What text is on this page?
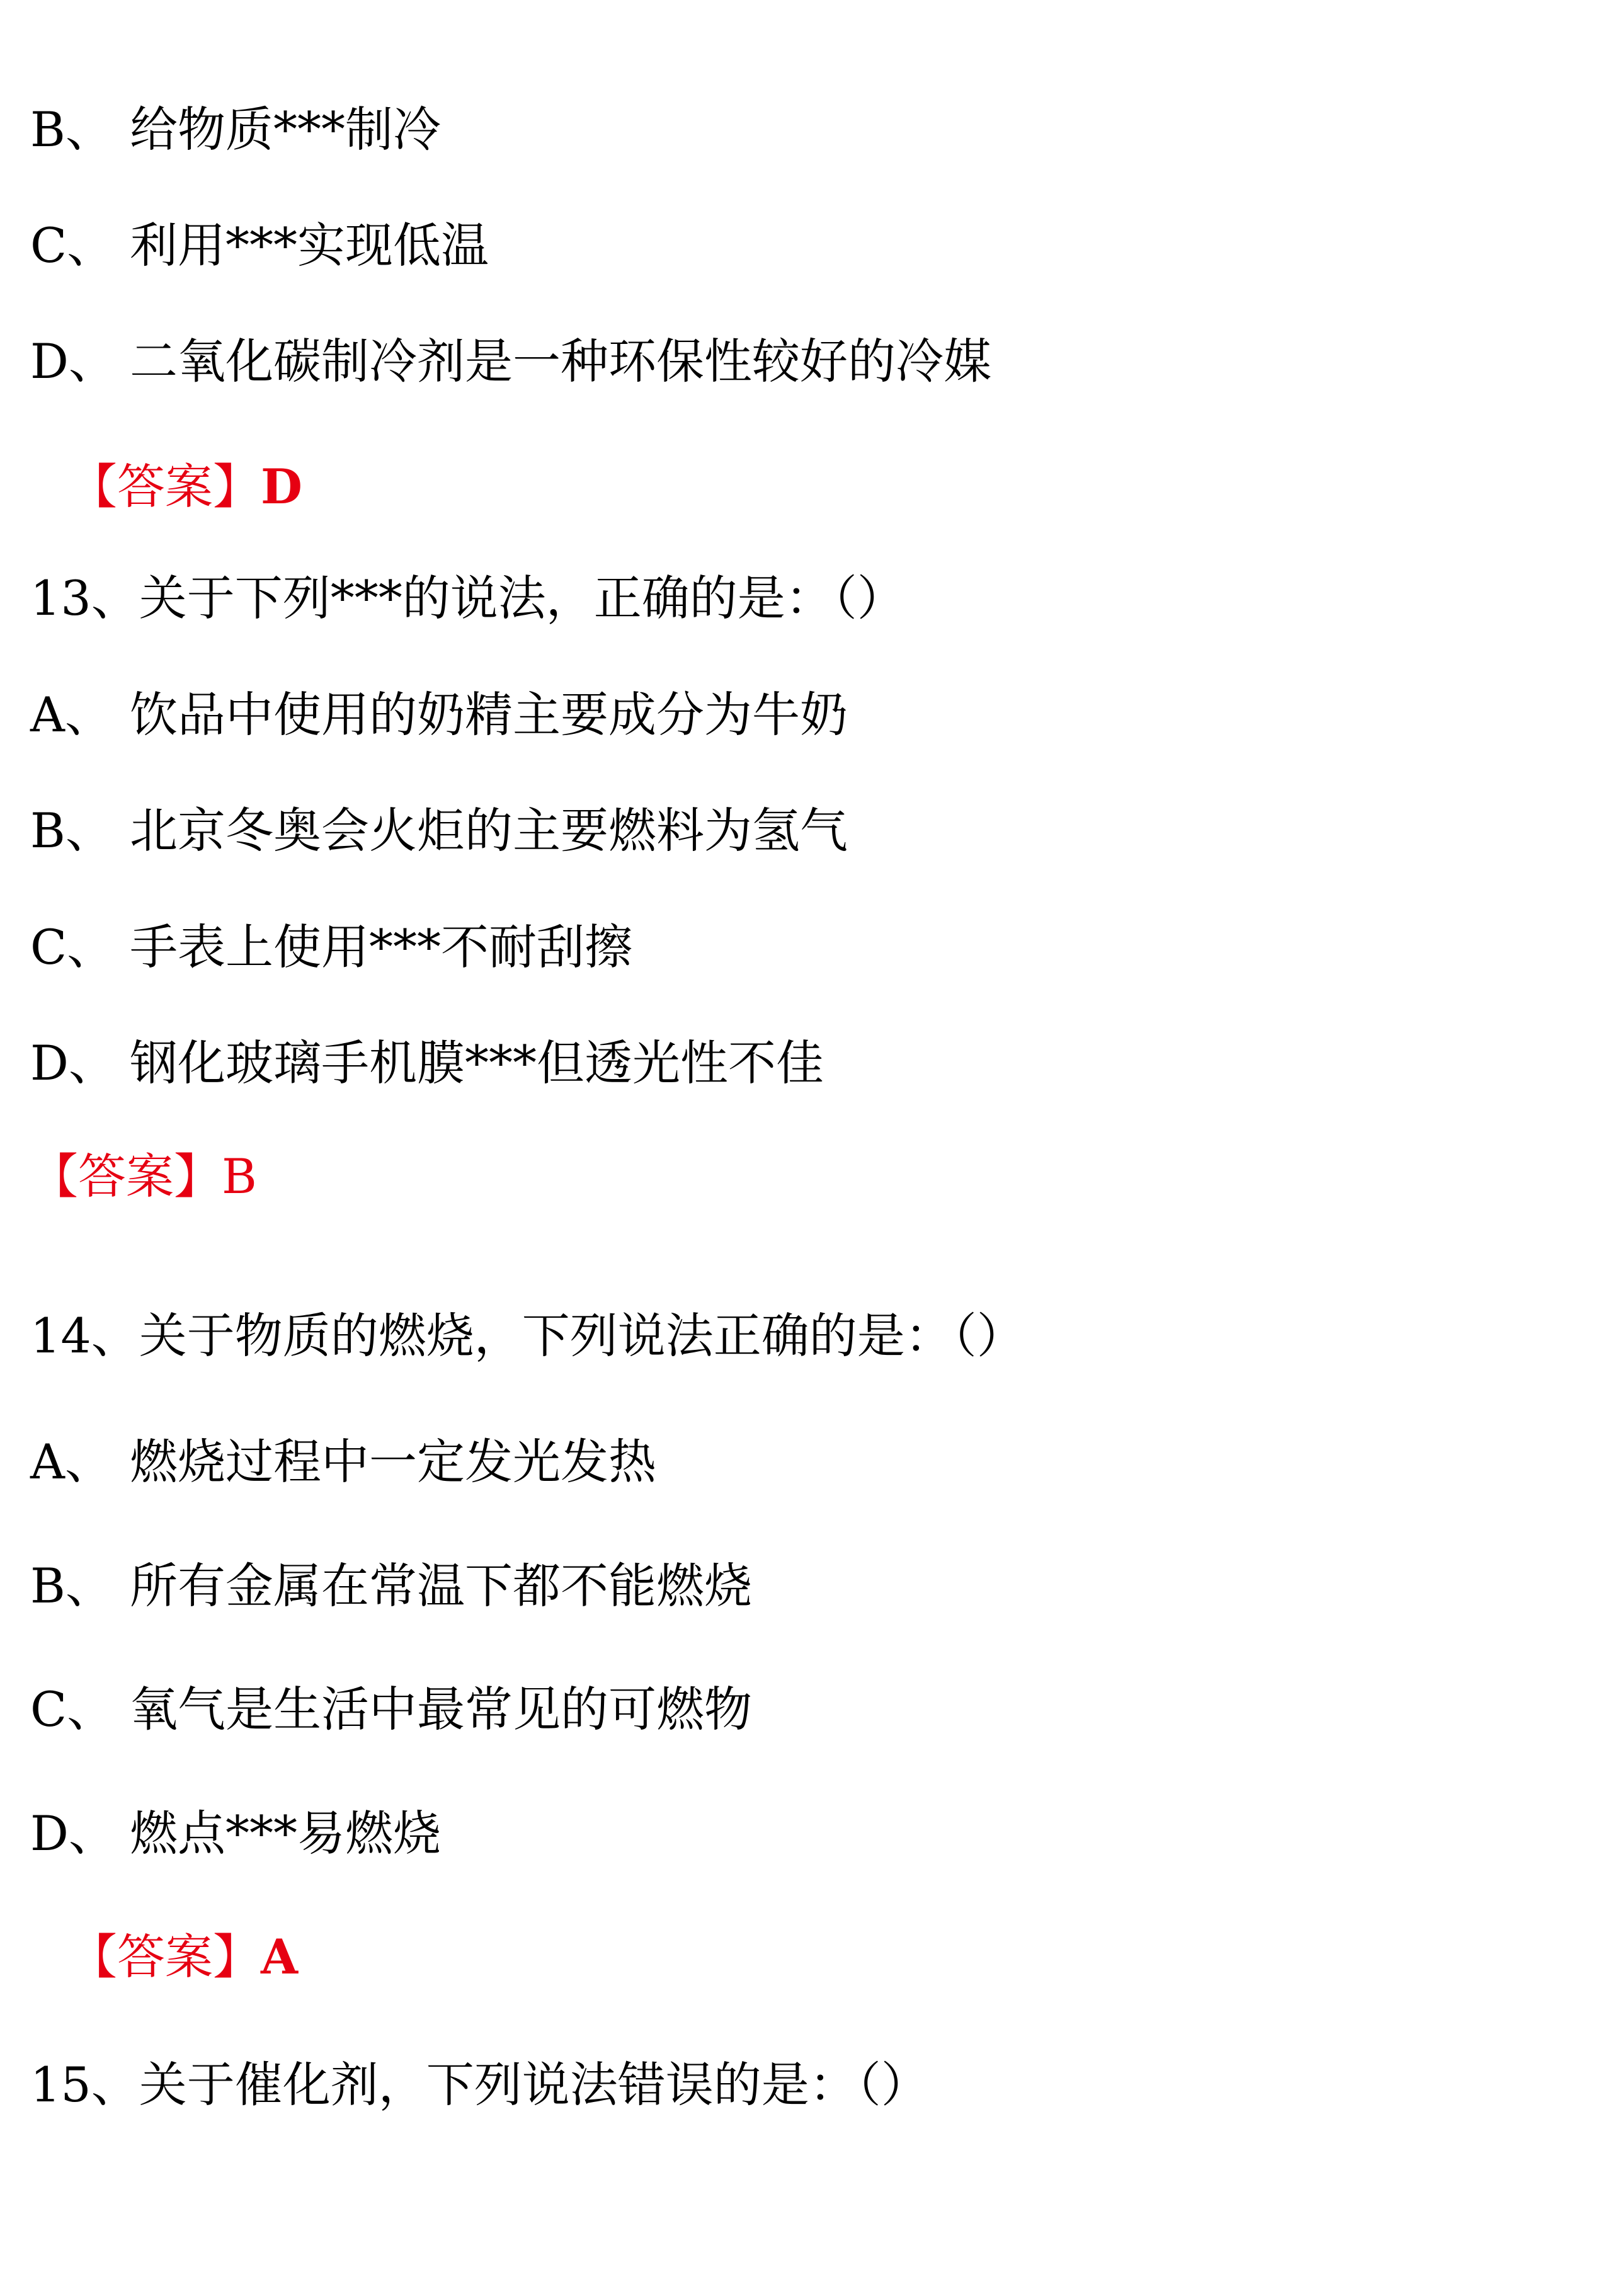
B、 给物质***制冷
C、 利用***实现低温
D、 二氧化碳制冷剂是一种环保性较好的冷媒
【答案】D
13、关于下列***的说法，正确的是：（）
A、 饮品中使用的奶精主要成分为牛奶
B、 北京冬奥会火炬的主要燃料为氢气
C、 手表上使用***不耐刮擦
D、 钢化玻璃手机膜***但透光性不佳
【答案】B
14、关于物质的燃烧，下列说法正确的是：（）
A、 燃烧过程中一定发光发热
B、 所有金属在常温下都不能燃烧
C、 氧气是生活中最常见的可燃物
D、 燃点***易燃烧
【答案】A
15、关于催化剂，下列说法错误的是：（）
